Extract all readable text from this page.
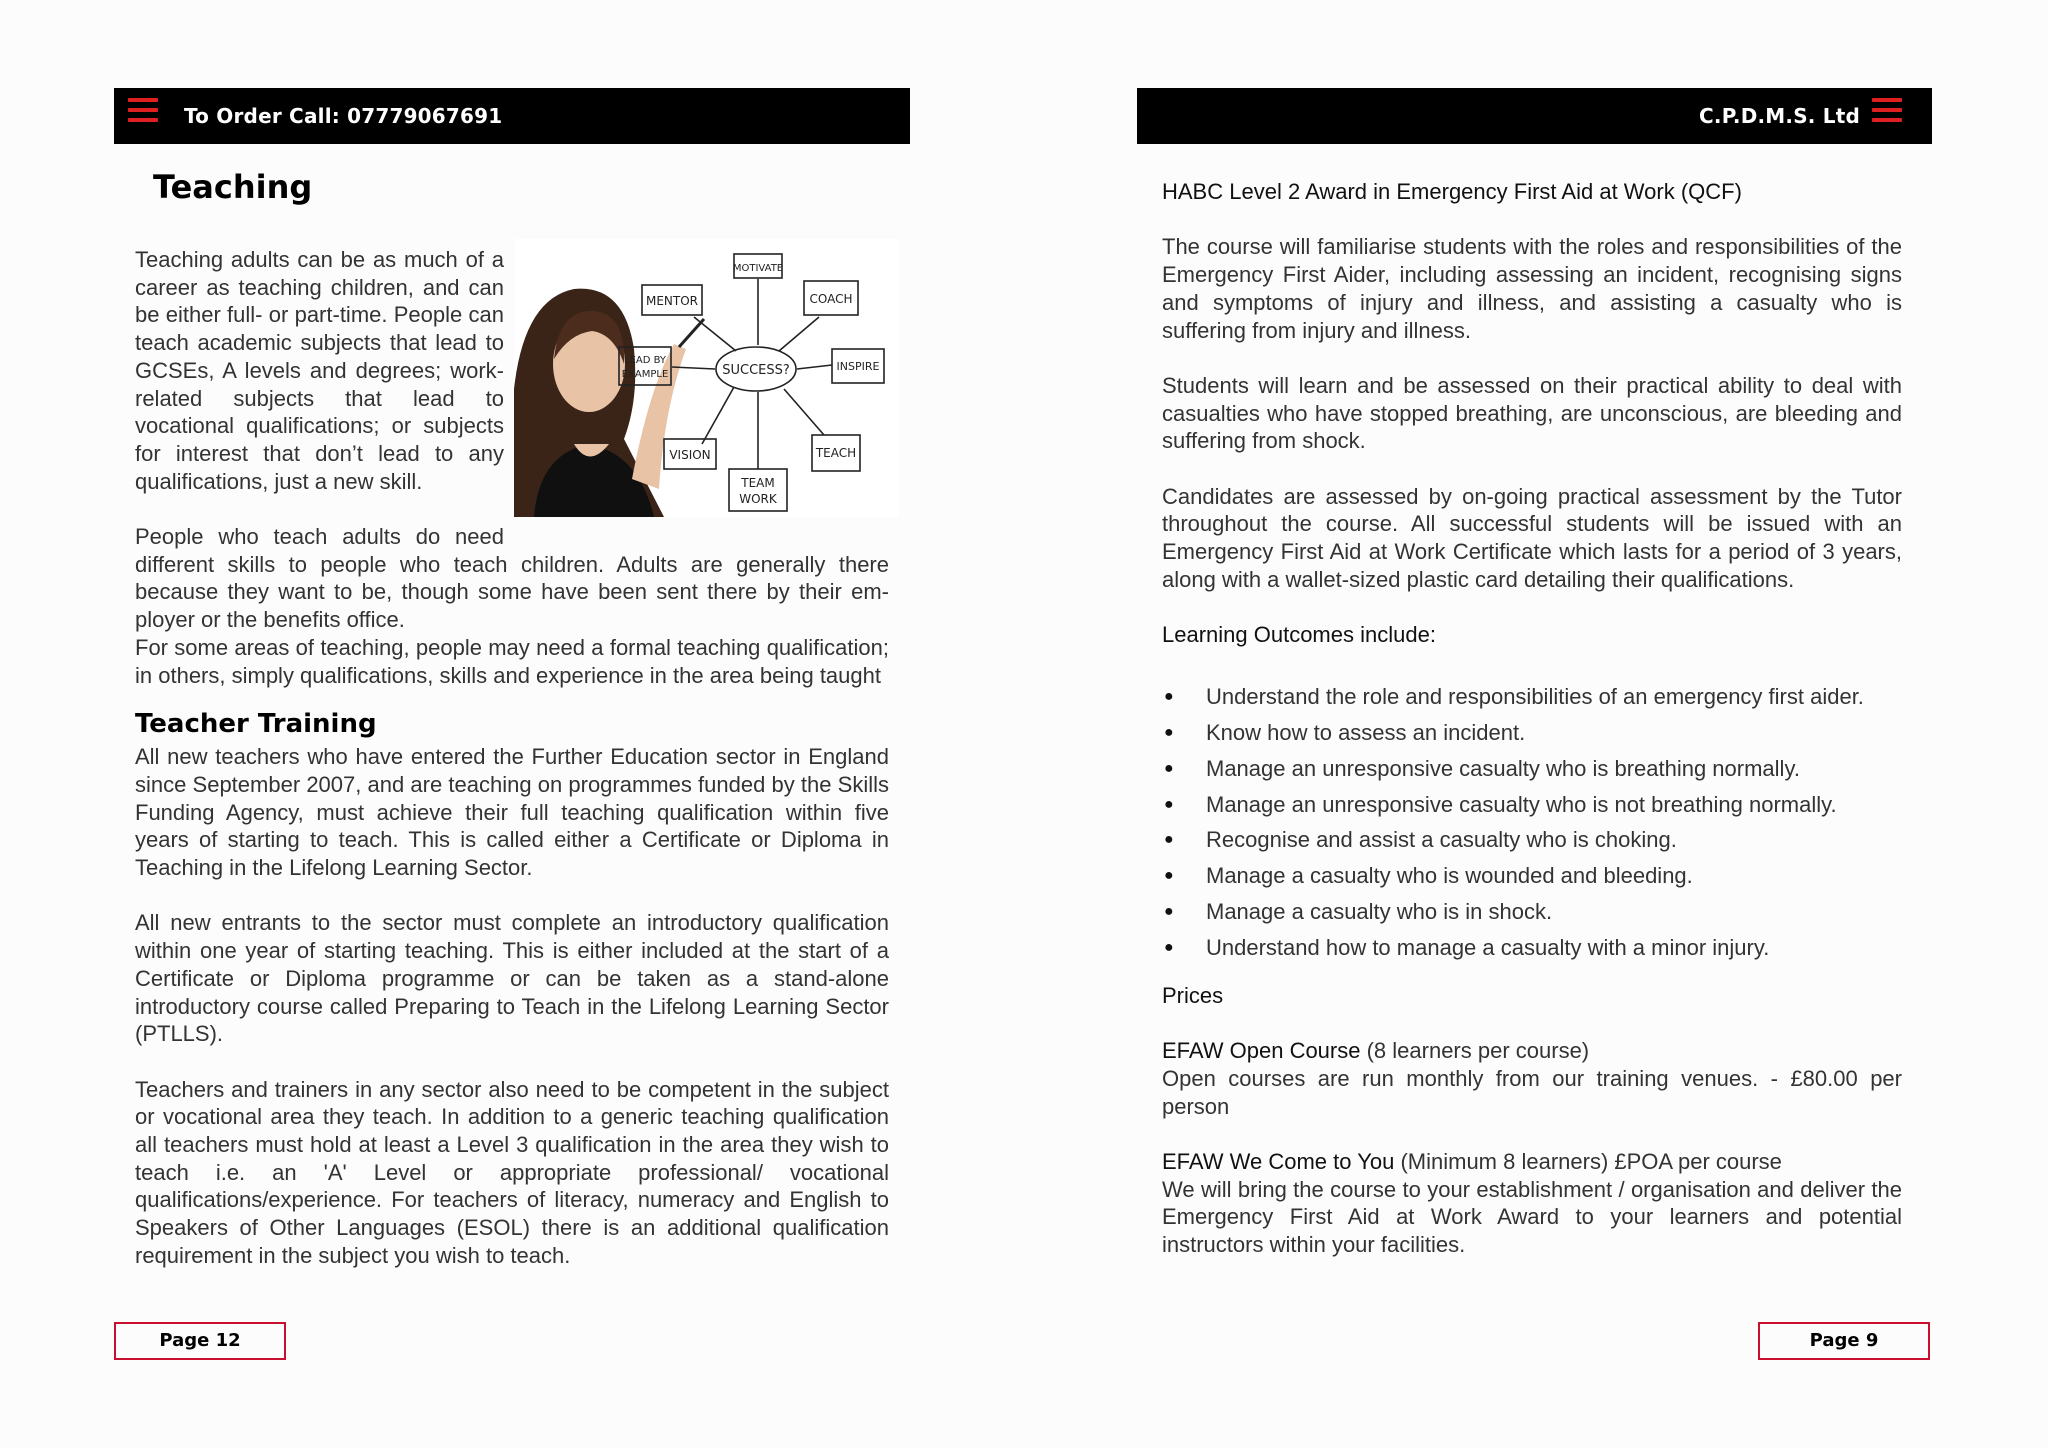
To Order Call: 07779067691
Teaching
MOTIVATE
MENTOR	COACH
LEAD BY
EXAMPLE	SUCCESS?	INSPIRE
VISION	TEACH
TEAM
WORK

Teaching adults can be as much of a career as teaching children, and can be either full- or part-time. People can teach academic subjects that lead to GCSEs, A levels and degrees; work-related subjects that lead to vocational qualifications; or subjects for interest that don’t lead to any qualifications, just a new skill.

People who teach adults do need different skills to people who teach children. Adults are generally there because they want to be, though some have been sent there by their employer or the benefits office.

For some areas of teaching, people may need a formal teaching qualification; in others, simply qualifications, skills and experience in the area being taught

Teacher Training

All new teachers who have entered the Further Education sector in England since September 2007, and are teaching on programmes funded by the Skills Funding Agency, must achieve their full teaching qualification within five years of starting to teach. This is called either a Certificate or Diploma in Teaching in the Lifelong Learning Sector.

All new entrants to the sector must complete an introductory qualification within one year of starting teaching. This is either included at the start of a Certificate or Diploma programme or can be taken as a stand-alone introductory course called Preparing to Teach in the Lifelong Learning Sector (PTLLS).

Teachers and trainers in any sector also need to be competent in the subject or vocational area they teach. In addition to a generic teaching qualification all teachers must hold at least a Level 3 qualification in the area they wish to teach i.e. an 'A' Level or appropriate professional/ vocational qualifications/experience. For teachers of literacy, numeracy and English to Speakers of Other Languages (ESOL) there is an additional qualification requirement in the subject you wish to teach.

Page 12
C.P.D.M.S. Ltd

HABC Level 2 Award in Emergency First Aid at Work (QCF)

The course will familiarise students with the roles and responsibilities of the Emergency First Aider, including assessing an incident, recognising signs and symptoms of injury and illness, and assisting a casualty who is suffering from injury and illness.

Students will learn and be assessed on their practical ability to deal with casualties who have stopped breathing, are unconscious, are bleeding and suffering from shock.

Candidates are assessed by on-going practical assessment by the Tutor throughout the course. All successful students will be issued with an Emergency First Aid at Work Certificate which lasts for a period of 3 years, along with a wallet-sized plastic card detailing their qualifications.

Learning Outcomes include:

● Understand the role and responsibilities of an emergency first aider.
● Know how to assess an incident.
● Manage an unresponsive casualty who is breathing normally.
● Manage an unresponsive casualty who is not breathing normally.
● Recognise and assist a casualty who is choking.
● Manage a casualty who is wounded and bleeding.
● Manage a casualty who is in shock.
● Understand how to manage a casualty with a minor injury.

Prices

EFAW Open Course (8 learners per course)

Open courses are run monthly from our training venues. - £80.00 per person

EFAW We Come to You (Minimum 8 learners) £POA per course

We will bring the course to your establishment / organisation and deliver the Emergency First Aid at Work Award to your learners and potential instructors within your facilities.

Page 9
